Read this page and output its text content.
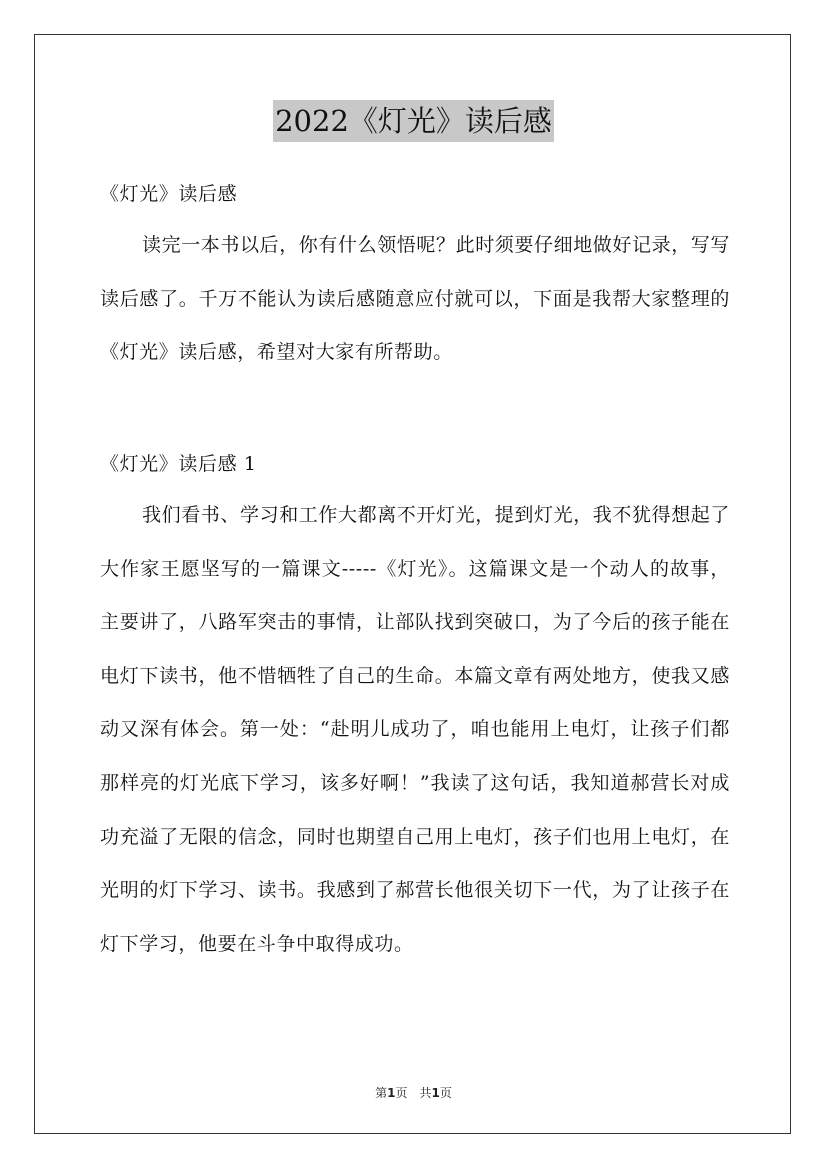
2022《灯光》读后感
《灯光》读后感

读完一本书以后，你有什么领悟呢？此时须要仔细地做好记录，写写读后感了。千万不能认为读后感随意应付就可以，下面是我帮大家整理的《灯光》读后感，希望对大家有所帮助。

《灯光》读后感 1

我们看书、学习和工作大都离不开灯光，提到灯光，我不犹得想起了大作家王愿坚写的一篇课文-----《灯光》。这篇课文是一个动人的故事，主要讲了，八路军突击的事情，让部队找到突破口，为了今后的孩子能在电灯下读书，他不惜牺牲了自己的生命。本篇文章有两处地方，使我又感动又深有体会。第一处：“赴明儿成功了，咱也能用上电灯，让孩子们都那样亮的灯光底下学习，该多好啊！”我读了这句话，我知道郝营长对成功充溢了无限的信念，同时也期望自己用上电灯，孩子们也用上电灯，在光明的灯下学习、读书。我感到了郝营长他很关切下一代，为了让孩子在灯下学习，他要在斗争中取得成功。

第1页　共1页
